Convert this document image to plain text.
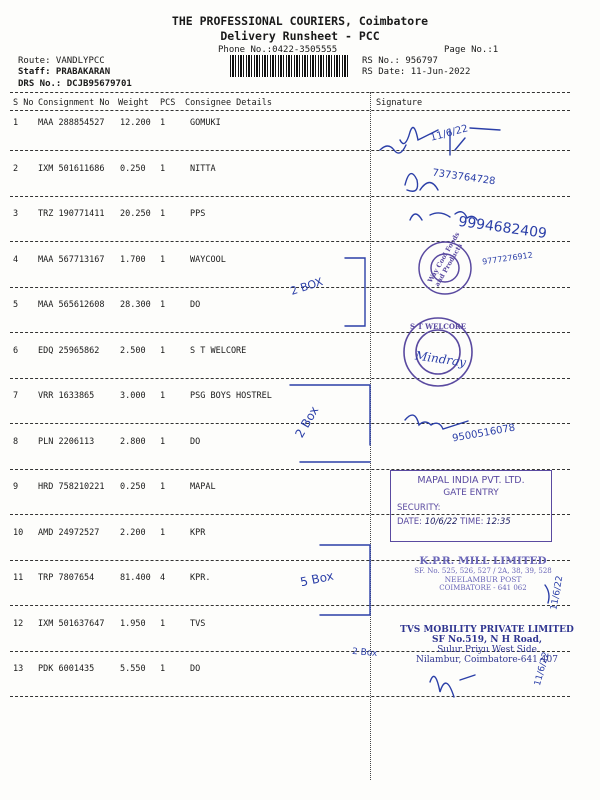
THE PROFESSIONAL COURIERS, Coimbatore
Delivery Runsheet - PCC
Phone No.:0422-3505555	Page No.:1
Route: VANDLYPCC
Staff: PRABAKARAN
DRS No.: DCJB95679701
RS No.: 956797
RS Date: 11-Jun-2022
S No Consignment No Weight PCS Consignee Details	Signature
1 MAA 288854527 12.200 1	GOMUKI
2 IXM 501611686 0.250 1	NITTA
3 TRZ 190771411 20.250 1	PPS
4 MAA 567713167 1.700 1	WAYCOOL
5 MAA 565612608 28.300 1	DO
6 EDQ 25965862 2.500 1	S T WELCORE
7 VRR 1633865	3.000 1	PSG BOYS HOSTREL
8 PLN 2206113	2.800 1	DO
9 HRD 758210221 0.250 1	MAPAL
10 AMD 24972527 2.200 1	KPR
11 TRP 7807654	81.400 4	KPR.
12 IXM 501637647 1.950 1	TVS
13 PDK 6001435	5.550 1	DO
11/6/22
7373764728
9994682409
9777276912
2 BOX
2 Box
5 Box
2 Box
9500516078
Mindray
11/6/22
11/6/22
Way Cool Foods and Products
S T WELCORE
MAPAL INDIA PVT. LTD.
GATE ENTRY
SECURITY:
DATE: 10/6/22 TIME: 12:35
K.P.R. MILL LIMITED
SF. No. 525, 526, 527 / 2A, 38, 39, 528
NEELAMBUR POST
COIMBATORE - 641 062
TVS MOBILITY PRIVATE LIMITED
SF No.519, N H Road,
Sulur Priyu West Side
Nilambur, Coimbatore-641 407
